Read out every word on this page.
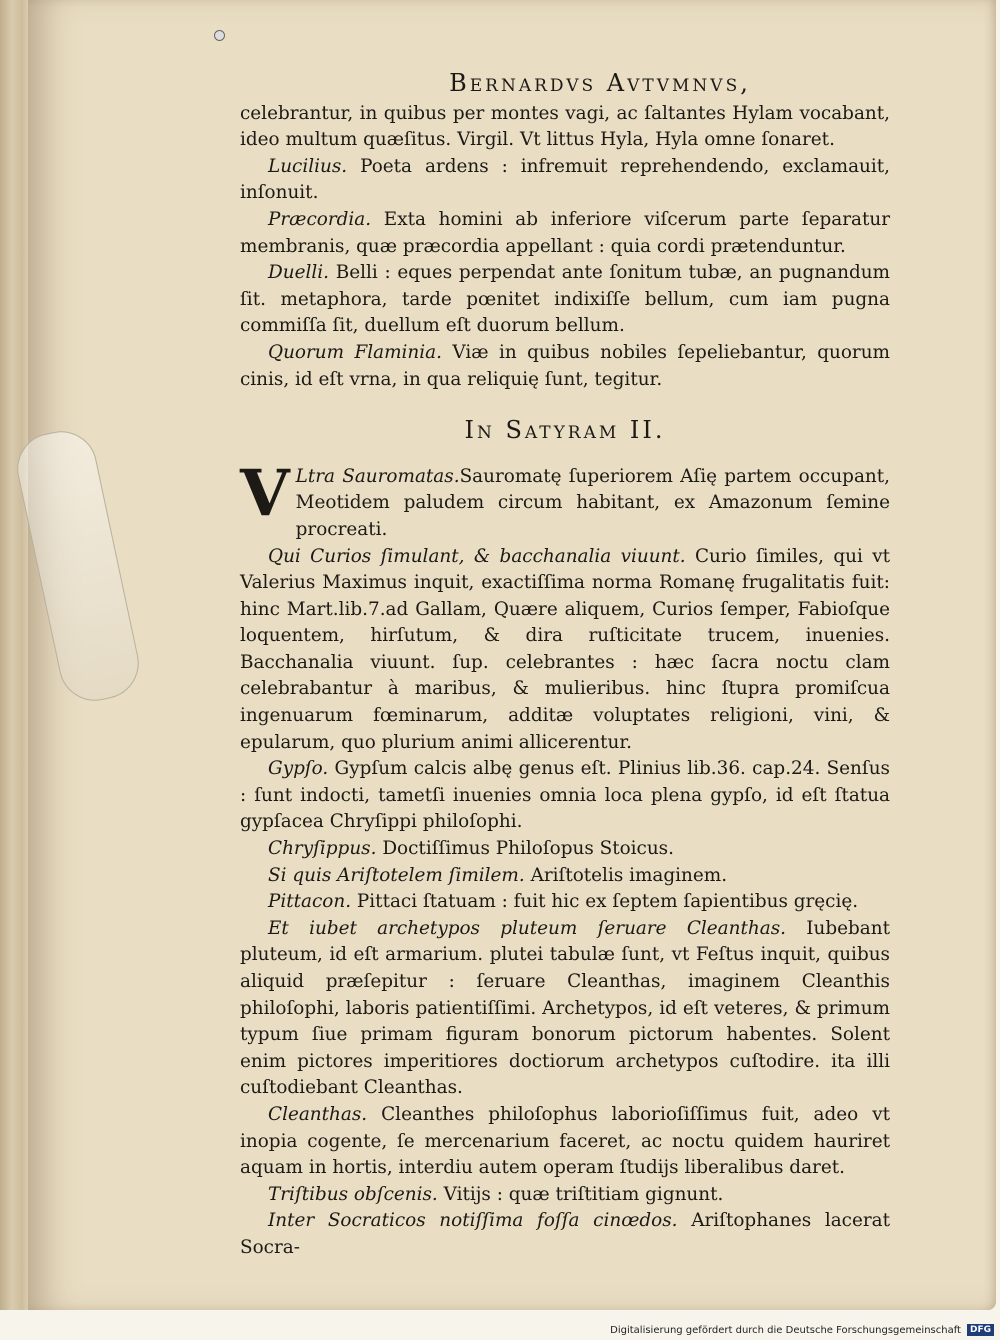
Bernardvs Avtvmnvs,

celebrantur, in quibus per montes vagi, ac ſaltantes Hylam vocabant, ideo multum quæſitus. Virgil. Vt littus Hyla, Hyla omne ſonaret.

Lucilius. Poeta ardens : infremuit reprehendendo, exclamauit, inſonuit.

Præcordia. Exta homini ab inferiore viſcerum parte ſeparatur membranis, quæ præcordia appellant : quia cordi prætenduntur.

Duelli. Belli : eques perpendat ante ſonitum tubæ, an pugnandum ſit. metaphora, tarde pœnitet indixiſſe bellum, cum iam pugna commiſſa ſit, duellum eſt duorum bellum.

Quorum Flaminia. Viæ in quibus nobiles ſepeliebantur, quorum cinis, id eſt vrna, in qua reliquię ſunt, tegitur.

In Satyram II.
V Ltra Sauromatas.Sauromatę ſuperiorem Aſię partem occupant, Meotidem paludem circum habitant, ex Amazonum ſemine procreati.

Qui Curios ſimulant, & bacchanalia viuunt. Curio ſimiles, qui vt Valerius Maximus inquit, exactiſſima norma Romanę frugalitatis fuit: hinc Mart.lib.7.ad Gallam, Quære aliquem, Curios ſemper, Fabioſque loquentem, hirſutum, & dira ruſticitate trucem, inuenies. Bacchanalia viuunt. ſup. celebrantes : hæc ſacra noctu clam celebrabantur à maribus, & mulieribus. hinc ſtupra promiſcua ingenuarum fœminarum, additæ voluptates religioni, vini, & epularum, quo plurium animi allicerentur.

Gypſo. Gypſum calcis albę genus eſt. Plinius lib.36. cap.24. Senſus : ſunt indocti, tametſi inuenies omnia loca plena gypſo, id eſt ſtatua gypſacea Chryſippi philoſophi.

Chryſippus. Doctiſſimus Philoſopus Stoicus.

Si quis Ariſtotelem ſimilem. Ariſtotelis imaginem.

Pittacon. Pittaci ſtatuam : fuit hic ex ſeptem ſapientibus gręcię.

Et iubet archetypos pluteum ſeruare Cleanthas. Iubebant pluteum, id eſt armarium. plutei tabulæ ſunt, vt Feſtus inquit, quibus aliquid præſepitur : ſeruare Cleanthas, imaginem Cleanthis philoſophi, laboris patientiſſimi. Archetypos, id eſt veteres, & primum typum ſiue primam figuram bonorum pictorum habentes. Solent enim pictores imperitiores doctiorum archetypos cuſtodire. ita illi cuſtodiebant Cleanthas.

Cleanthas. Cleanthes philoſophus laborioſiſſimus fuit, adeo vt inopia cogente, ſe mercenarium faceret, ac noctu quidem hauriret aquam in hortis, interdiu autem operam ſtudijs liberalibus daret.

Triſtibus obſcenis. Vitijs : quæ triſtitiam gignunt.

Inter Socraticos notiſſima foſſa cinœdos. Ariſtophanes lacerat Socra-

Digitalisierung gefördert durch die Deutsche Forschungsgemeinschaft	DFG
